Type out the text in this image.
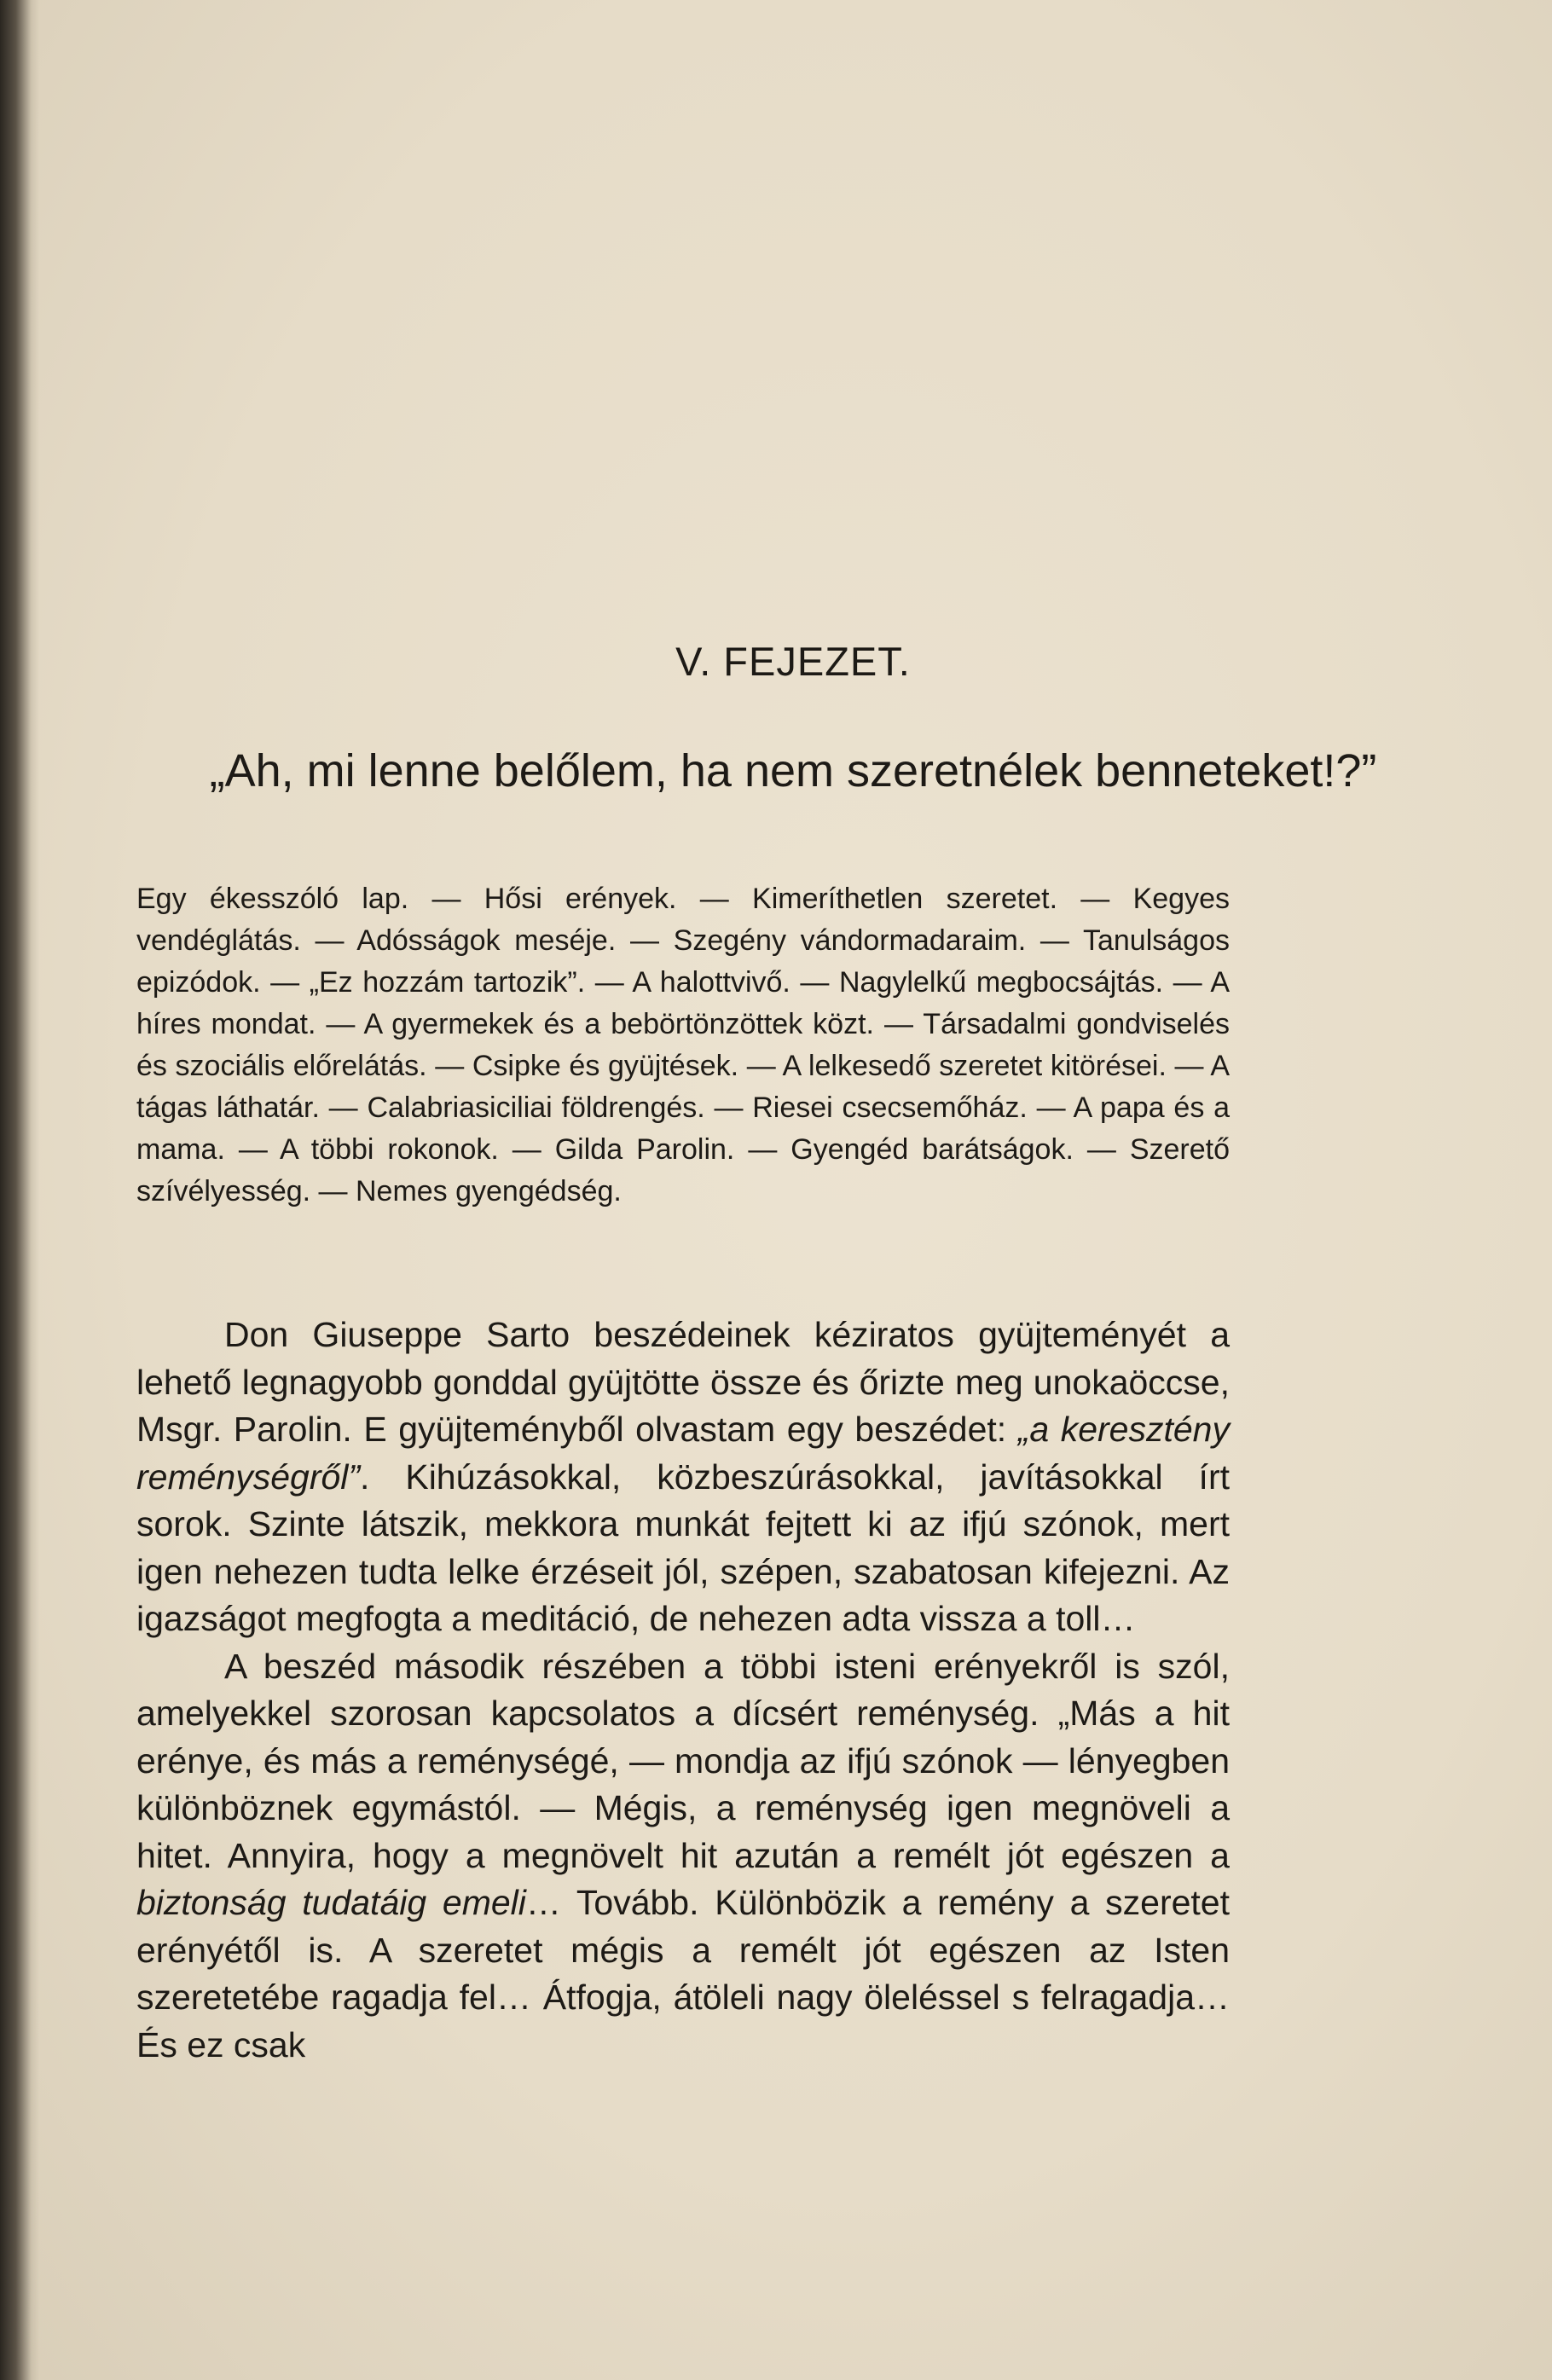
V. FEJEZET.
„Ah, mi lenne belőlem, ha nem szeretnélek benneteket!?”
Egy ékesszóló lap. — Hősi erények. — Kimeríthetlen szeretet. — Kegyes vendéglátás. — Adósságok meséje. — Szegény vándormadaraim. — Tanulságos epizódok. — „Ez hozzám tartozik”. — A halottvivő. — Nagylelkű megbocsájtás. — A híres mondat. — A gyermekek és a bebörtönzöttek közt. — Társadalmi gondviselés és szociális előrelátás. — Csipke és gyüjtések. — A lelkesedő szeretet kitörései. — A tágas láthatár. — Calabriasiciliai földrengés. — Riesei csecsemőház. — A papa és a mama. — A többi rokonok. — Gilda Parolin. — Gyengéd barátságok. — Szerető szívélyesség. — Nemes gyengédség.

Don Giuseppe Sarto beszédeinek kéziratos gyüjteményét a lehető legnagyobb gonddal gyüjtötte össze és őrizte meg unokaöccse, Msgr. Parolin. E gyüjteményből olvastam egy beszédet: „a keresztény reménységről”. Kihúzásokkal, közbeszúrásokkal, javításokkal írt sorok. Szinte látszik, mekkora munkát fejtett ki az ifjú szónok, mert igen nehezen tudta lelke érzéseit jól, szépen, szabatosan kifejezni. Az igazságot megfogta a meditáció, de nehezen adta vissza a toll…

A beszéd második részében a többi isteni erényekről is szól, amelyekkel szorosan kapcsolatos a dícsért reménység. „Más a hit erénye, és más a reménységé, — mondja az ifjú szónok — lényegben különböznek egymástól. — Mégis, a reménység igen megnöveli a hitet. Annyira, hogy a megnövelt hit azután a remélt jót egészen a biztonság tudatáig emeli… Tovább. Különbözik a remény a szeretet erényétől is. A szeretet mégis a remélt jót egészen az Isten szeretetébe ragadja fel… Átfogja, átöleli nagy öleléssel s felragadja… És ez csak
